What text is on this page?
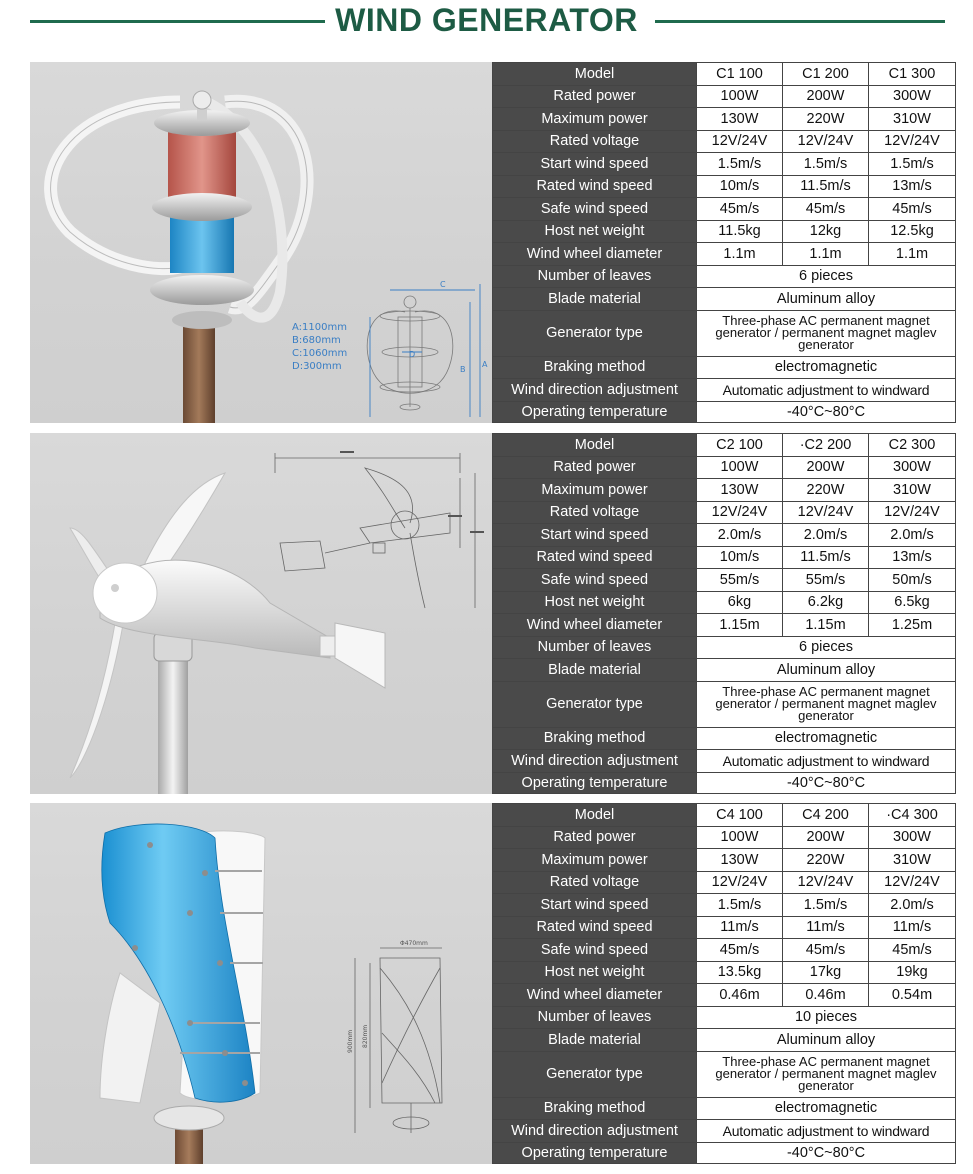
WIND GENERATOR
C
D
A
B
A:1100mm
B:680mm
C:1060mm
D:300mm
Model	C1 100	C1 200	C1 300
Rated power	100W	200W	300W
Maximum power	130W	220W	310W
Rated voltage	12V/24V	12V/24V	12V/24V
Start wind speed	1.5m/s	1.5m/s	1.5m/s
Rated wind speed	10m/s	11.5m/s	13m/s
Safe wind speed	45m/s	45m/s	45m/s
Host net weight	11.5kg	12kg	12.5kg
Wind wheel diameter	1.1m	1.1m	1.1m
Number of leaves	6 pieces		
Blade material	Aluminum alloy		
Generator type	Three-phase AC permanent magnet generator / permanent magnet maglev generator		
Braking method	electromagnetic		
Wind direction adjustment	Automatic adjustment to windward		
Operating temperature	-40°C~80°C		
Model	C2 100	·C2 200	C2 300
Rated power	100W	200W	300W
Maximum power	130W	220W	310W
Rated voltage	12V/24V	12V/24V	12V/24V
Start wind speed	2.0m/s	2.0m/s	2.0m/s
Rated wind speed	10m/s	11.5m/s	13m/s
Safe wind speed	55m/s	55m/s	50m/s
Host net weight	6kg	6.2kg	6.5kg
Wind wheel diameter	1.15m	1.15m	1.25m
Number of leaves	6 pieces		
Blade material	Aluminum alloy		
Generator type	Three-phase AC permanent magnet generator / permanent magnet maglev generator		
Braking method	electromagnetic		
Wind direction adjustment	Automatic adjustment to windward		
Operating temperature	-40°C~80°C		
Φ470mm
900mm 820mm
Model	C4 100	C4 200	·C4 300
Rated power	100W	200W	300W
Maximum power	130W	220W	310W
Rated voltage	12V/24V	12V/24V	12V/24V
Start wind speed	1.5m/s	1.5m/s	2.0m/s
Rated wind speed	11m/s	11m/s	11m/s
Safe wind speed	45m/s	45m/s	45m/s
Host net weight	13.5kg	17kg	19kg
Wind wheel diameter	0.46m	0.46m	0.54m
Number of leaves	10 pieces		
Blade material	Aluminum alloy		
Generator type	Three-phase AC permanent magnet generator / permanent magnet maglev generator		
Braking method	electromagnetic		
Wind direction adjustment	Automatic adjustment to windward		
Operating temperature	-40°C~80°C		
